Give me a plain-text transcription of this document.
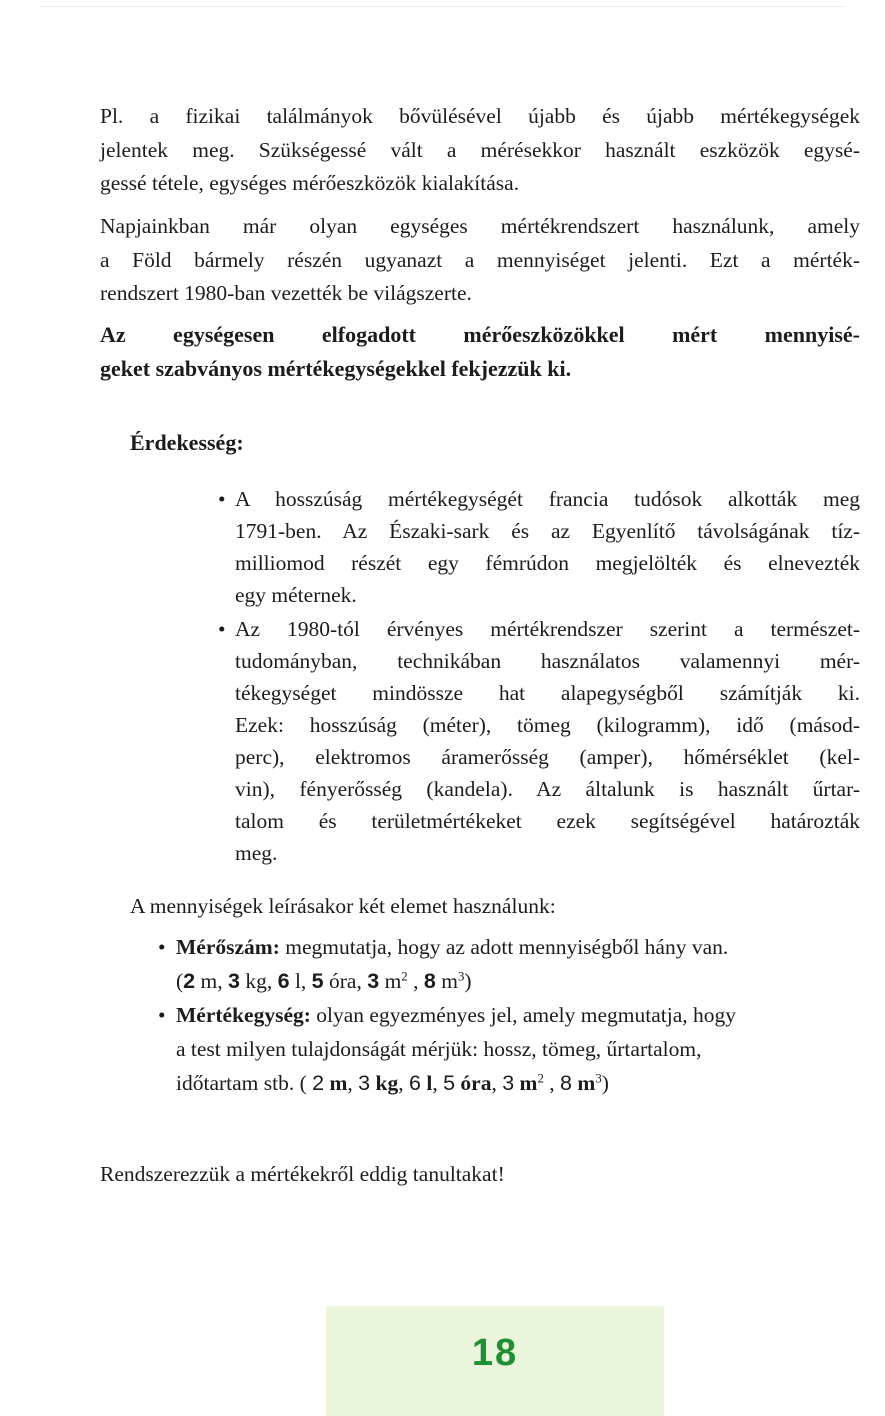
Pl. a fizikai találmányok bővülésével újabb és újabb mértékegységek
jelentek meg. Szükségessé vált a mérésekkor használt eszközök egysé-
gessé tétele, egységes mérőeszközök kialakítása.

Napjainkban már olyan egységes mértékrendszert használunk, amely
a Föld bármely részén ugyanazt a mennyiséget jelenti. Ezt a mérték-
rendszert 1980-ban vezették be világszerte.

Az egységesen elfogadott mérőeszközökkel mért mennyisé-
geket szabványos mértékegységekkel fekjezzük ki.

Érdekesség:
• A hosszúság mértékegységét francia tudósok alkották meg
1791-ben. Az Északi-sark és az Egyenlítő távolságának tíz-
milliomod részét egy fémrúdon megjelölték és elnevezték
egy méternek.
• Az 1980-tól érvényes mértékrendszer szerint a természet-
tudományban, technikában használatos valamennyi mér-
tékegységet mindössze hat alapegységből számítják ki.
Ezek: hosszúság (méter), tömeg (kilogramm), idő (másod-
perc), elektromos áramerősség (amper), hőmérséklet (kel-
vin), fényerősség (kandela). Az általunk is használt űrtar-
talom és területmértékeket ezek segítségével határozták
meg.

A mennyiségek leírásakor két elemet használunk:

• Mérőszám: megmutatja, hogy az adott mennyiségből hány van.
(2 m, 3 kg, 6 l, 5 óra, 3 $m^2$ , 8 $m^3$)
• Mértékegység: olyan egyezményes jel, amely megmutatja, hogy
a test milyen tulajdonságát mérjük: hossz, tömeg, űrtartalom,
időtartam stb. ( 2 m, 3 kg, 6 l, 5 óra, 3 $m^2$ , 8 $m^3$)

Rendszerezzük a mértékekről eddig tanultakat!

18
